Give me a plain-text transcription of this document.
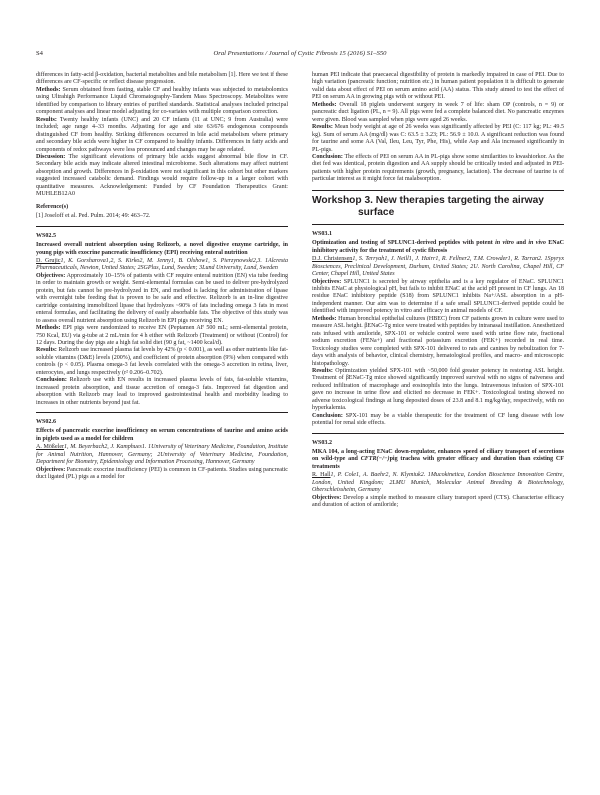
S4	Oral Presentations / Journal of Cystic Fibrosis 15 (2016) S1–S50

differences in fatty-acid β-oxidation, bacterial metabolites and bile metabolism [1]. Here we test if these differences are CF-specific or reflect disease progression.

Methods: Serum obtained from fasting, stable CF and healthy infants was subjected to metabolomics using Ultrahigh Performance Liquid Chromatography-Tandem Mass Spectroscopy. Metabolites were identified by comparison to library entries of purified standards. Statistical analyses included principal component analyses and linear model adjusting for co-variates with multiple comparison correction.

Results: Twenty healthy infants (UNC) and 20 CF infants (11 at UNC; 9 from Australia) were included; age range 4–33 months. Adjusting for age and site 63/676 endogenous compounds distinguished CF from healthy. Striking differences occurred in bile acid metabolism where primary and secondary bile acids were higher in CF compared to healthy infants. Differences in fatty acids and components of redox pathways were less pronounced and changes may be age related.

Discussion: The significant elevations of primary bile acids suggest abnormal bile flow in CF. Secondary bile acids may indicate altered intestinal microbiome. Such alterations may affect nutrient absorption and growth. Differences in β-oxidation were not significant in this cohort but other markers suggested increased catabolic demand. Findings would require follow-up in a larger cohort with quantitative measures. Acknowledgement: Funded by CF Foundation Therapeutics Grant: MUHLEB12A0

Reference(s)

[1] Joseloff et al. Ped. Pulm. 2014; 49: 463–72.

WS02.5

Increased overall nutrient absorption using Relizorb, a novel digestive enzyme cartridge, in young pigs with exocrine pancreatic insufficiency (EPI) receiving enteral nutrition

D. Grujic1, K. Gorsharova1,2, S. Kirko2, M. Jenny1, B. Olshow1, S. Pierzynowski2,3. 1Alcresta Pharmaceuticals, Newton, United States; 2SGPlus, Lund, Sweden; 3Lund University, Lund, Sweden

Objectives: Approximately 10–15% of patients with CF require enteral nutrition (EN) via tube feeding in order to maintain growth or weight. Semi-elemental formulas can be used to deliver pre-hydrolyzed protein, but fats cannot be pre-hydrolyzed in EN, and method is lacking for administration of lipase with overnight tube feeding that is proven to be safe and effective. Relizorb is an in-line digestive cartridge containing immobilized lipase that hydrolyzes ~90% of fats including omega 3 fats in most enteral formulas, and facilitating the delivery of easily absorbable fats. The objective of this study was to assess overall nutrient absorption using Relizorb in EPI pigs receiving EN.

Methods: EPI pigs were randomized to receive EN (Peptamen AF 500 mL; semi-elemental protein, 750 Kcal, EU) via g-tube at 2 mL/min for 4 h either with Relizorb (Treatment) or without (Control) for 12 days. During the day pigs ate a high fat solid diet (90 g fat, ~1400 kcal/d).

Results: Relizorb use increased plasma fat levels by 42% (p < 0.001), as well as other nutrients like fat-soluble vitamins (D&E) levels (200%), and coefficient of protein absorption (9%) when compared with controls (p < 0.05). Plasma omega-3 fat levels correlated with the omega-3 accretion in retina, liver, enterocytes, and lungs respectively (r² 0.206–0.702).

Conclusion: Relizorb use with EN results in increased plasma levels of fats, fat-soluble vitamins, increased protein absorption, and tissue accretion of omega-3 fats. Improved fat digestion and absorption with Relizorb may lead to improved gastrointestinal health and morbidity leading to increases in other nutrients beyond just fat.

WS02.6

Effects of pancreatic exocrine insufficiency on serum concentrations of taurine and amino acids in piglets used as a model for children

A. Mößeler1, M. Beyerbach2, J. Kamphues1. 1University of Veterinary Medicine, Foundation, Institute for Animal Nutrition, Hannover, Germany; 2University of Veterinary Medicine, Foundation, Department for Biometry, Epidemiology and Information Processing, Hannover, Germany

Objectives: Pancreatic exocrine insufficiency (PEI) is common in CF-patients. Studies using pancreatic duct ligated (PL) pigs as a model for

human PEI indicate that praecaecal digestibility of protein is markedly impaired in case of PEI. Due to high variation (pancreatic function; nutrition etc.) in human patient population it is difficult to generate valid data about effect of PEI on serum amino acid (AA) status. This study aimed to test the effect of PEI on serum AA in growing pigs with or without PEI.

Methods: Overall 18 piglets underwent surgery in week 7 of life: sham OP (controls, n = 9) or pancreatic duct ligation (PL, n = 9). All pigs were fed a complete balanced diet. No pancreatic enzymes were given. Blood was sampled when pigs were aged 26 weeks.

Results: Mean body weight at age of 26 weeks was significantly affected by PEI (C: 117 kg; PL: 49.5 kg). Sum of serum AA (mg/dl) was C: 63.5 ± 3.23; PL: 56.9 ± 10.0. A significant reduction was found for taurine and some AA (Val, Ileu, Leu, Tyr, Phe, His), while Asp and Ala increased significantly in PL-pigs.

Conclusion: The effects of PEI on serum AA in PL-pigs show some similarities to kwashiorkor. As the diet fed was identical, protein digestion and AA supply should be critically tested and adjusted in PEI-patients with higher protein requirements (growth, pregnancy, lactation). The decrease of taurine is of particular interest as it might force fat malabsorption.

Workshop 3. New therapies targeting the airway
surface

WS03.1

Optimization and testing of SPLUNC1-derived peptides with potent in vitro and in vivo ENaC inhibitory activity for the treatment of cystic fibrosis

D.J. Christensen1, S. Terryah1, J. Neill1, J. Hairr1, R. Fellner2, T.M. Crowder1, R. Tarran2. 1Spyryx Biosciences, Preclinical Development, Durham, United States; 2U. North Carolina, Chapel Hill, CF Center, Chapel Hill, United States

Objectives: SPLUNC1 is secreted by airway epithelia and is a key regulator of ENaC. SPLUNC1 inhibits ENaC at physiological pH, but fails to inhibit ENaC at the acid pH present in CF lungs. An 18 residue ENaC inhibitory peptide (S18) from SPLUNC1 inhibits Na+/ASL absorption in a pH-independent manner. Our aim was to determine if a safe small SPLUNC1-derived peptide could be identified with improved potency in vitro and efficacy in animal models of CF.

Methods: Human bronchial epithelial cultures (HBEC) from CF patients grown in culture were used to measure ASL height. βENaC-Tg mice were treated with peptides by intranasal instillation. Anesthetized rats infused with amiloride, SPX-101 or vehicle control were used with urine flow rate, fractional sodium excretion (FENa+) and fractional potassium excretion (FEK+) recorded in real time. Toxicology studies were completed with SPX-101 delivered to rats and canines by nebulization for 7-days with analysis of behavior, clinical chemistry, hematological profiles, and macro- and microscopic histopathology.

Results: Optimization yielded SPX-101 with ~50,000 fold greater potency in restoring ASL height. Treatment of βENaC-Tg mice showed significantly improved survival with no signs of naïveness and reduced infiltration of macrophage and eosinophils into the lungs. Intravenous infusion of SPX-101 gave no increase in urine flow and elicited no decrease in FEK+. Toxicological testing showed no adverse toxicological findings at lung deposited doses of 23.8 and 8.1 mg/kg/day, respectively, with no hyperkalemia.

Conclusion: SPX-101 may be a viable therapeutic for the treatment of CF lung disease with low potential for renal side effects.

WS03.2

MKA 104, a long-acting ENaC down-regulator, enhances speed of ciliary transport of secretions on wild-type and CFTR(−/−)pig trachea with greater efficacy and duration than existing CF treatments

R. Hall1, P. Cole1, A. Baehr2, N. Klymiuk2. 1Mucokinetica, London Bioscience Innovation Centre, London, United Kingdom; 2LMU Munich, Molecular Animal Breeding & Biotechnology, Oberschleissheim, Germany

Objectives: Develop a simple method to measure ciliary transport speed (CTS). Characterise efficacy and duration of action of amiloride;
